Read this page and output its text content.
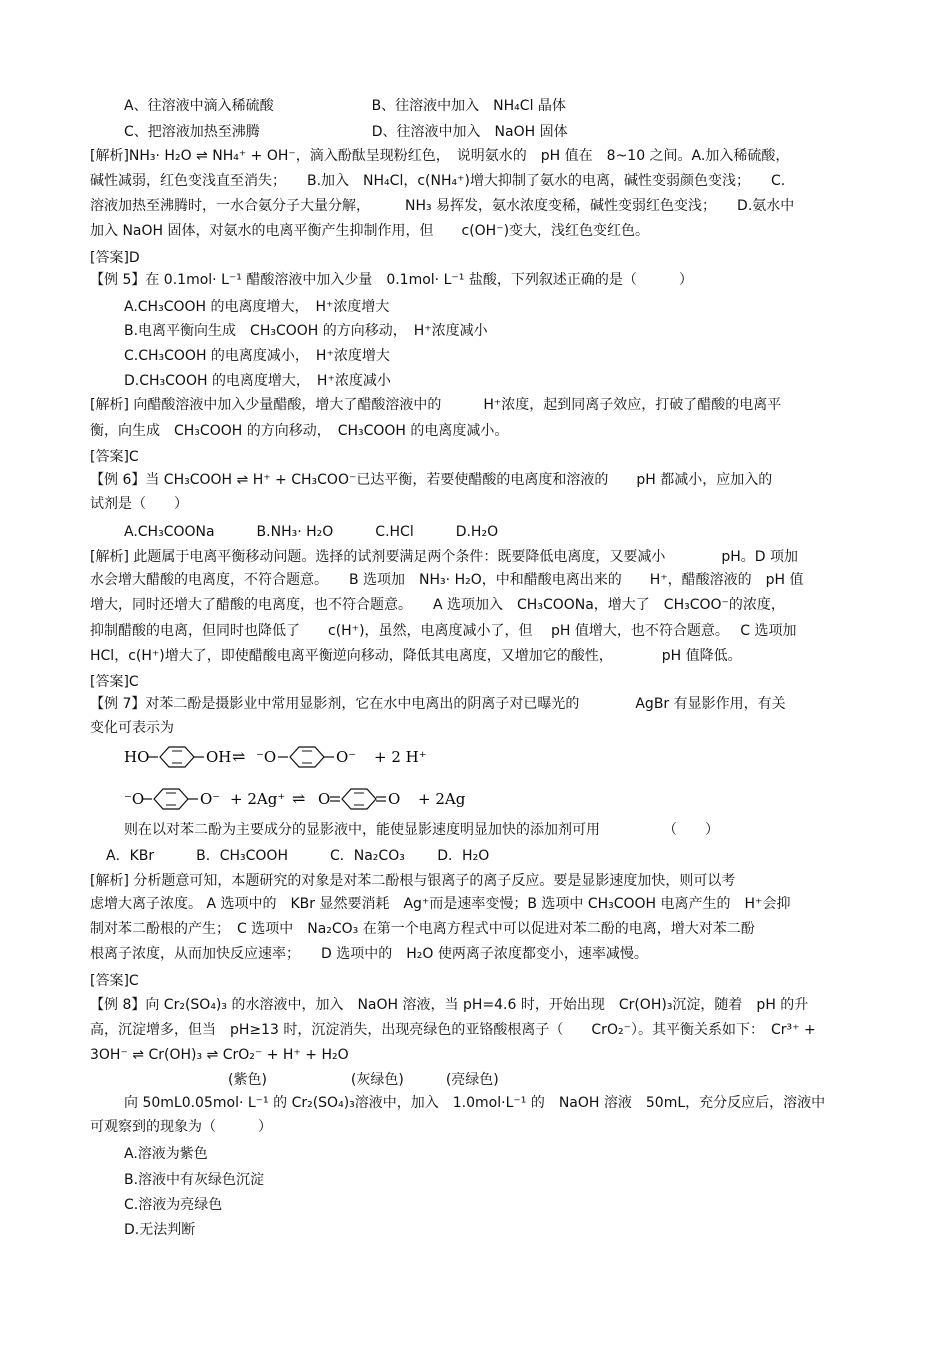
A、往溶液中滴入稀硫酸　　　　　　　B、往溶液中加入　NH₄Cl 晶体
C、把溶液加热至沸腾　　　　　　　　D、往溶液中加入　NaOH 固体
[解析]NH₃· H₂O ⇌ NH₄⁺ + OH⁻，滴入酚酞呈现粉红色，　说明氨水的　pH 值在　8~10 之间。A.加入稀硫酸，
碱性减弱，红色变浅直至消失；　　B.加入　NH₄Cl，c(NH₄⁺)增大抑制了氨水的电离，碱性变弱颜色变浅；　　C.
溶液加热至沸腾时，一水合氨分子大量分解，　　　NH₃ 易挥发，氨水浓度变稀，碱性变弱红色变浅；　　D.氨水中
加入 NaOH 固体，对氨水的电离平衡产生抑制作用，但　　c(OH⁻)变大，浅红色变红色。
[答案]D
【例 5】在 0.1mol· L⁻¹ 醋酸溶液中加入少量　0.1mol· L⁻¹ 盐酸，下列叙述正确的是（　　　）
A.CH₃COOH 的电离度增大，　H⁺浓度增大
B.电离平衡向生成　CH₃COOH 的方向移动，　H⁺浓度减小
C.CH₃COOH 的电离度减小，　H⁺浓度增大
D.CH₃COOH 的电离度增大，　H⁺浓度减小
[解析] 向醋酸溶液中加入少量醋酸，增大了醋酸溶液中的　　　H⁺浓度，起到同离子效应，打破了醋酸的电离平
衡，向生成　CH₃COOH 的方向移动，　CH₃COOH 的电离度减小。
[答案]C
【例 6】当 CH₃COOH ⇌ H⁺ + CH₃COO⁻已达平衡，若要使醋酸的电离度和溶液的　　pH 都减小，应加入的
试剂是（　　）
A.CH₃COONa　　　B.NH₃· H₂O　　　C.HCl　　　D.H₂O
[解析] 此题属于电离平衡移动问题。选择的试剂要满足两个条件：既要降低电离度，又要减小　　　　pH。D 项加
水会增大醋酸的电离度，不符合题意。　　B 选项加　NH₃· H₂O，中和醋酸电离出来的　　H⁺，醋酸溶液的　pH 值
增大，同时还增大了醋酸的电离度，也不符合题意。　　A 选项加入　CH₃COONa，增大了　CH₃COO⁻的浓度，
抑制醋酸的电离，但同时也降低了　　c(H⁺)，虽然，电离度减小了，但　 pH 值增大，也不符合题意。　 C 选项加
HCl，c(H⁺)增大了，即使醋酸电离平衡逆向移动，降低其电离度，又增加它的酸性，　　　　pH 值降低。
[答案]C
【例 7】对苯二酚是摄影业中常用显影剂，它在水中电离出的阴离子对已曝光的　　　　AgBr 有显影作用，有关
变化可表示为
HO	OH ⇌ ⁻O	O⁻ + 2 H⁺
⁻O	O⁻ + 2Ag⁺ ⇌ O	O + 2Ag
则在以对苯二酚为主要成分的显影液中，能使显影速度明显加快的添加剂可用　　　　　（　　）
A．KBr　　　B．CH₃COOH　　　C．Na₂CO₃　　 D．H₂O
[解析] 分析题意可知，本题研究的对象是对苯二酚根与银离子的离子反应。要是显影速度加快，则可以考
虑增大离子浓度。 A 选项中的　KBr 显然要消耗　Ag⁺而是速率变慢；B 选项中 CH₃COOH 电离产生的　H⁺会抑
制对苯二酚根的产生；　C 选项中　Na₂CO₃ 在第一个电离方程式中可以促进对苯二酚的电离，增大对苯二酚
根离子浓度，从而加快反应速率；　　D 选项中的　H₂O 使两离子浓度都变小，速率减慢。
[答案]C
【例 8】向 Cr₂(SO₄)₃ 的水溶液中，加入　NaOH 溶液，当 pH=4.6 时，开始出现　Cr(OH)₃沉淀，随着　pH 的升
高，沉淀增多，但当　pH≥13 时，沉淀消失，出现亮绿色的亚铬酸根离子（　　CrO₂⁻）。其平衡关系如下：　Cr³⁺ +
3OH⁻ ⇌ Cr(OH)₃ ⇌ CrO₂⁻ + H⁺ + H₂O
(紫色)　　　　　　(灰绿色)　　　(亮绿色)
向 50mL0.05mol· L⁻¹ 的 Cr₂(SO₄)₃溶液中，加入　1.0mol·L⁻¹ 的　NaOH 溶液　50mL，充分反应后，溶液中
可观察到的现象为（　　　）
A.溶液为紫色
B.溶液中有灰绿色沉淀
C.溶液为亮绿色
D.无法判断
